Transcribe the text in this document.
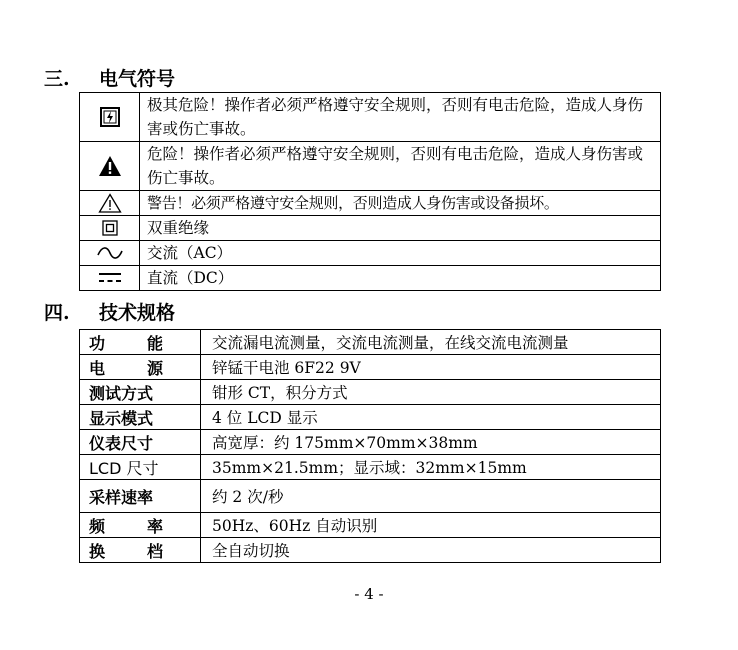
三. 电气符号
	极其危险！操作者必须严格遵守安全规则，否则有电击危险，造成人身伤害或伤亡事故。

	危险！操作者必须严格遵守安全规则，否则有电击危险，造成人身伤害或伤亡事故。

	警告！必须严格遵守安全规则，否则造成人身伤害或设备损坏。

	双重绝缘

	交流（AC）

	直流（DC）
四. 技术规格
功 能	交流漏电流测量，交流电流测量，在线交流电流测量

电 源	锌锰干电池 6F22 9V
测试方式	钳形 CT，积分方式
显示模式	4 位 LCD 显示
仪表尺寸	高宽厚：约 175mm×70mm×38mm
LCD 尺寸	35mm×21.5mm；显示域：32mm×15mm
采样速率	约 2 次/秒

频 率	50Hz、60Hz 自动识别

换 档	全自动切换
- 4 -
